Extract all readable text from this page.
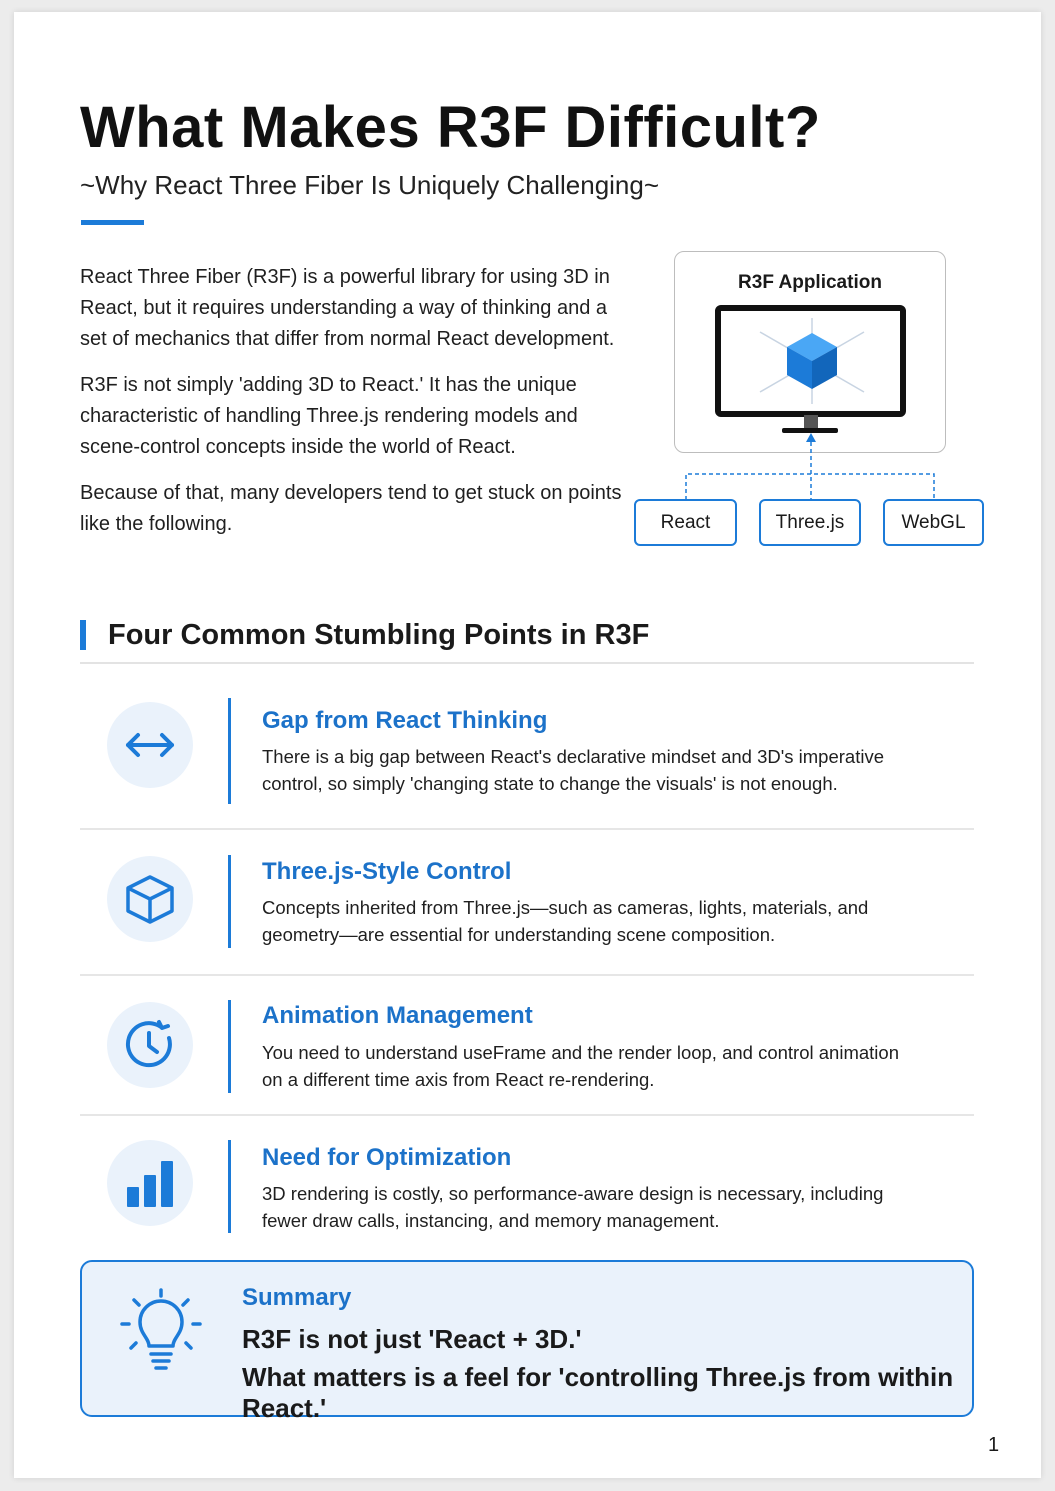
What Makes R3F Difficult?
~Why React Three Fiber Is Uniquely Challenging~

React Three Fiber (R3F) is a powerful library for using 3D in React, but it requires understanding a way of thinking and a set of mechanics that differ from normal React development.

R3F is not simply 'adding 3D to React.' It has the unique characteristic of handling Three.js rendering models and scene-control concepts inside the world of React.

Because of that, many developers tend to get stuck on points like the following.

R3F Application
React	Three.js	WebGL
Four Common Stumbling Points in R3F
Gap from React Thinking
There is a big gap between React's declarative mindset and 3D's imperative control, so simply 'changing state to change the visuals' is not enough.
Three.js-Style Control
Concepts inherited from Three.js—such as cameras, lights, materials, and geometry—are essential for understanding scene composition.
Animation Management
You need to understand useFrame and the render loop, and control animation on a different time axis from React re-rendering.
Need for Optimization
3D rendering is costly, so performance-aware design is necessary, including fewer draw calls, instancing, and memory management.
Summary
R3F is not just 'React + 3D.'
What matters is a feel for 'controlling Three.js from within React.'
1
